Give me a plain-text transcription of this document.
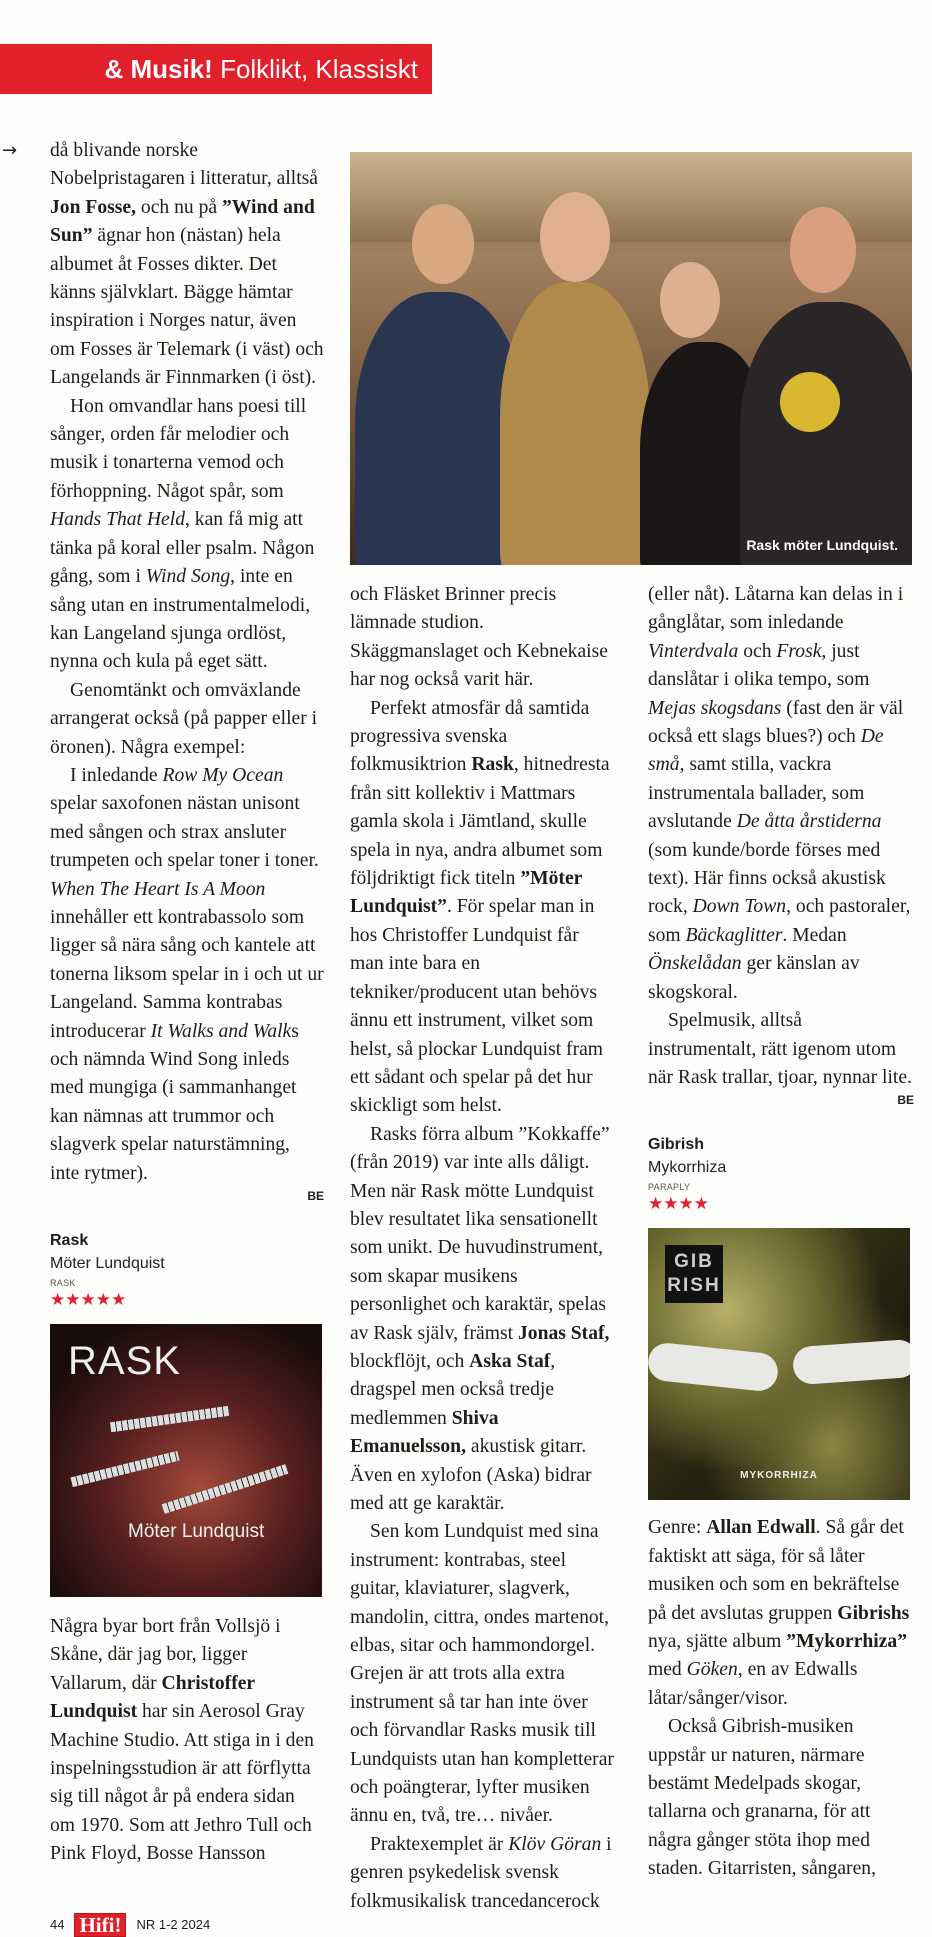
& Musik! Folklikt, Klassiskt
→ då blivande norske Nobelpristagaren i litteratur, alltså Jon Fosse, och nu på ”Wind and Sun” ägnar hon (nästan) hela albumet åt Fosses dikter. Det känns självklart. Bägge hämtar inspiration i Norges natur, även om Fosses är Telemark (i väst) och Langelands är Finnmarken (i öst).

Hon omvandlar hans poesi till sånger, orden får melodier och musik i tonarterna vemod och förhoppning. Något spår, som Hands That Held, kan få mig att tänka på koral eller psalm. Någon gång, som i Wind Song, inte en sång utan en instrumentalmelodi, kan Langeland sjunga ordlöst, nynna och kula på eget sätt.

Genomtänkt och omväxlande arrangerat också (på papper eller i öronen). Några exempel:

I inledande Row My Ocean spelar saxofonen nästan unisont med sången och strax ansluter trumpeten och spelar toner i toner. When The Heart Is A Moon innehåller ett kontrabassolo som ligger så nära sång och kantele att tonerna liksom spelar in i och ut ur Langeland. Samma kontrabas introducerar It Walks and Walks och nämnda Wind Song inleds med mungiga (i sammanhanget kan nämnas att trummor och slagverk spelar naturstämning, inte rytmer).

BE
Rask
Möter Lundquist
RASK
★★★★★
RASK
Möter Lundquist

Några byar bort från Vollsjö i Skåne, där jag bor, ligger Vallarum, där Christoffer Lundquist har sin Aerosol Gray Machine Studio. Att stiga in i den inspelningsstudion är att förflytta sig till något år på endera sidan om 1970. Som att Jethro Tull och Pink Floyd, Bosse Hansson

44 Hifi!	NR 1-2 2024
Rask möter Lundquist.

och Fläsket Brinner precis lämnade studion. Skäggmanslaget och Kebnekaise har nog också varit här.

Perfekt atmosfär då samtida progressiva svenska folkmusiktrion Rask, hitnedresta från sitt kollektiv i Mattmars gamla skola i Jämtland, skulle spela in nya, andra albumet som följdriktigt fick titeln ”Möter Lundquist”. För spelar man in hos Christoffer Lundquist får man inte bara en tekniker/producent utan behövs ännu ett instrument, vilket som helst, så plockar Lundquist fram ett sådant och spelar på det hur skickligt som helst.

Rasks förra album ”Kokkaffe” (från 2019) var inte alls dåligt. Men när Rask mötte Lundquist blev resultatet lika sensationellt som unikt. De huvudinstrument, som skapar musikens personlighet och karaktär, spelas av Rask själv, främst Jonas Staf, blockflöjt, och Aska Staf, dragspel men också tredje medlemmen Shiva Emanuelsson, akustisk gitarr. Även en xylofon (Aska) bidrar med att ge karaktär.

Sen kom Lundquist med sina instrument: kontrabas, steel guitar, klaviaturer, slagverk, mandolin, cittra, ondes martenot, elbas, sitar och hammondorgel. Grejen är att trots alla extra instrument så tar han inte över och förvandlar Rasks musik till Lundquists utan han kompletterar och poängterar, lyfter musiken ännu en, två, tre… nivåer.

Praktexemplet är Klöv Göran i genren psykedelisk svensk folkmusikalisk trancedancerock

(eller nåt). Låtarna kan delas in i gånglåtar, som inledande Vinterdvala och Frosk, just danslåtar i olika tempo, som Mejas skogsdans (fast den är väl också ett slags blues?) och De små, samt stilla, vackra instrumentala ballader, som avslutande De åtta årstiderna (som kunde/borde förses med text). Här finns också akustisk rock, Down Town, och pastoraler, som Bäckaglitter. Medan Önskelådan ger känslan av skogskoral.

Spelmusik, alltså instrumentalt, rätt igenom utom när Rask trallar, tjoar, nynnar lite.

BE
Gibrish
Mykorrhiza
PARAPLY
★★★★
GIB RISH
MYKORRHIZA

Genre: Allan Edwall. Så går det faktiskt att säga, för så låter musiken och som en bekräftelse på det avslutas gruppen Gibrishs nya, sjätte album ”Mykorrhiza” med Göken, en av Edwalls låtar/sånger/visor.

Också Gibrish-musiken uppstår ur naturen, närmare bestämt Medelpads skogar, tallarna och granarna, för att några gånger stöta ihop med staden. Gitarristen, sångaren,
